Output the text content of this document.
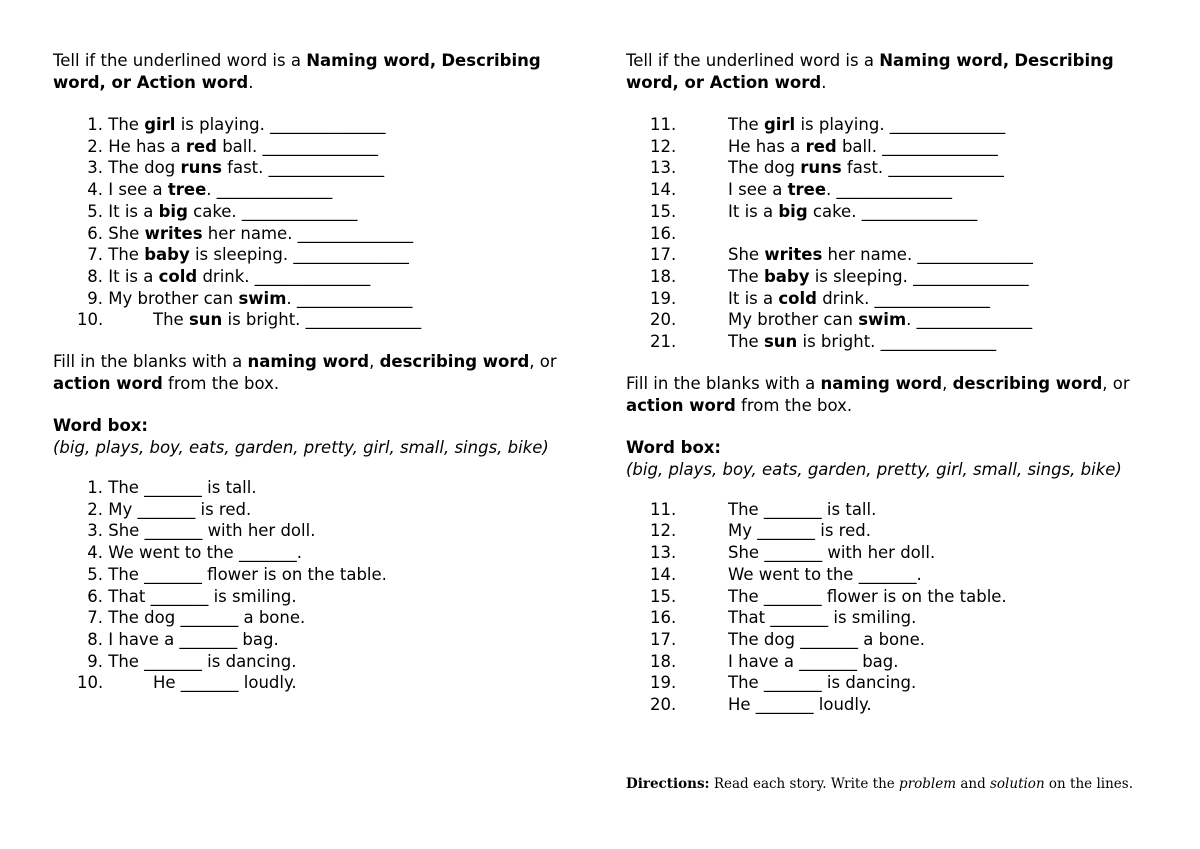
Tell if the underlined word is a Naming word, Describing word, or Action word.
1. The girl is playing. ______________
2. He has a red ball. ______________
3. The dog runs fast. ______________
4. I see a tree. ______________
5. It is a big cake. ______________
6. She writes her name. ______________
7. The baby is sleeping. ______________
8. It is a cold drink. ______________
9. My brother can swim. ______________
10.	The sun is bright. ______________
Fill in the blanks with a naming word, describing word, or action word from the box.
Word box:
(big, plays, boy, eats, garden, pretty, girl, small, sings, bike)
1. The _______ is tall.
2. My _______ is red.
3. She _______ with her doll.
4. We went to the _______.
5. The _______ flower is on the table.
6. That _______ is smiling.
7. The dog _______ a bone.
8. I have a _______ bag.
9. The _______ is dancing.
10.	He _______ loudly.
Tell if the underlined word is a Naming word, Describing word, or Action word.
11.	The girl is playing. ______________
12.	He has a red ball. ______________
13.	The dog runs fast. ______________
14.	I see a tree. ______________
15.	It is a big cake. ______________
16.

17.	She writes her name. ______________
18.	The baby is sleeping. ______________
19.	It is a cold drink. ______________
20.	My brother can swim. ______________
21.	The sun is bright. ______________
Fill in the blanks with a naming word, describing word, or action word from the box.
Word box:
(big, plays, boy, eats, garden, pretty, girl, small, sings, bike)
11.	The _______ is tall.
12.	My _______ is red.
13.	She _______ with her doll.
14.	We went to the _______.
15.	The _______ flower is on the table.
16.	That _______ is smiling.
17.	The dog _______ a bone.
18.	I have a _______ bag.
19.	The _______ is dancing.
20.	He _______ loudly.
Directions: Read each story. Write the problem and solution on the lines.
